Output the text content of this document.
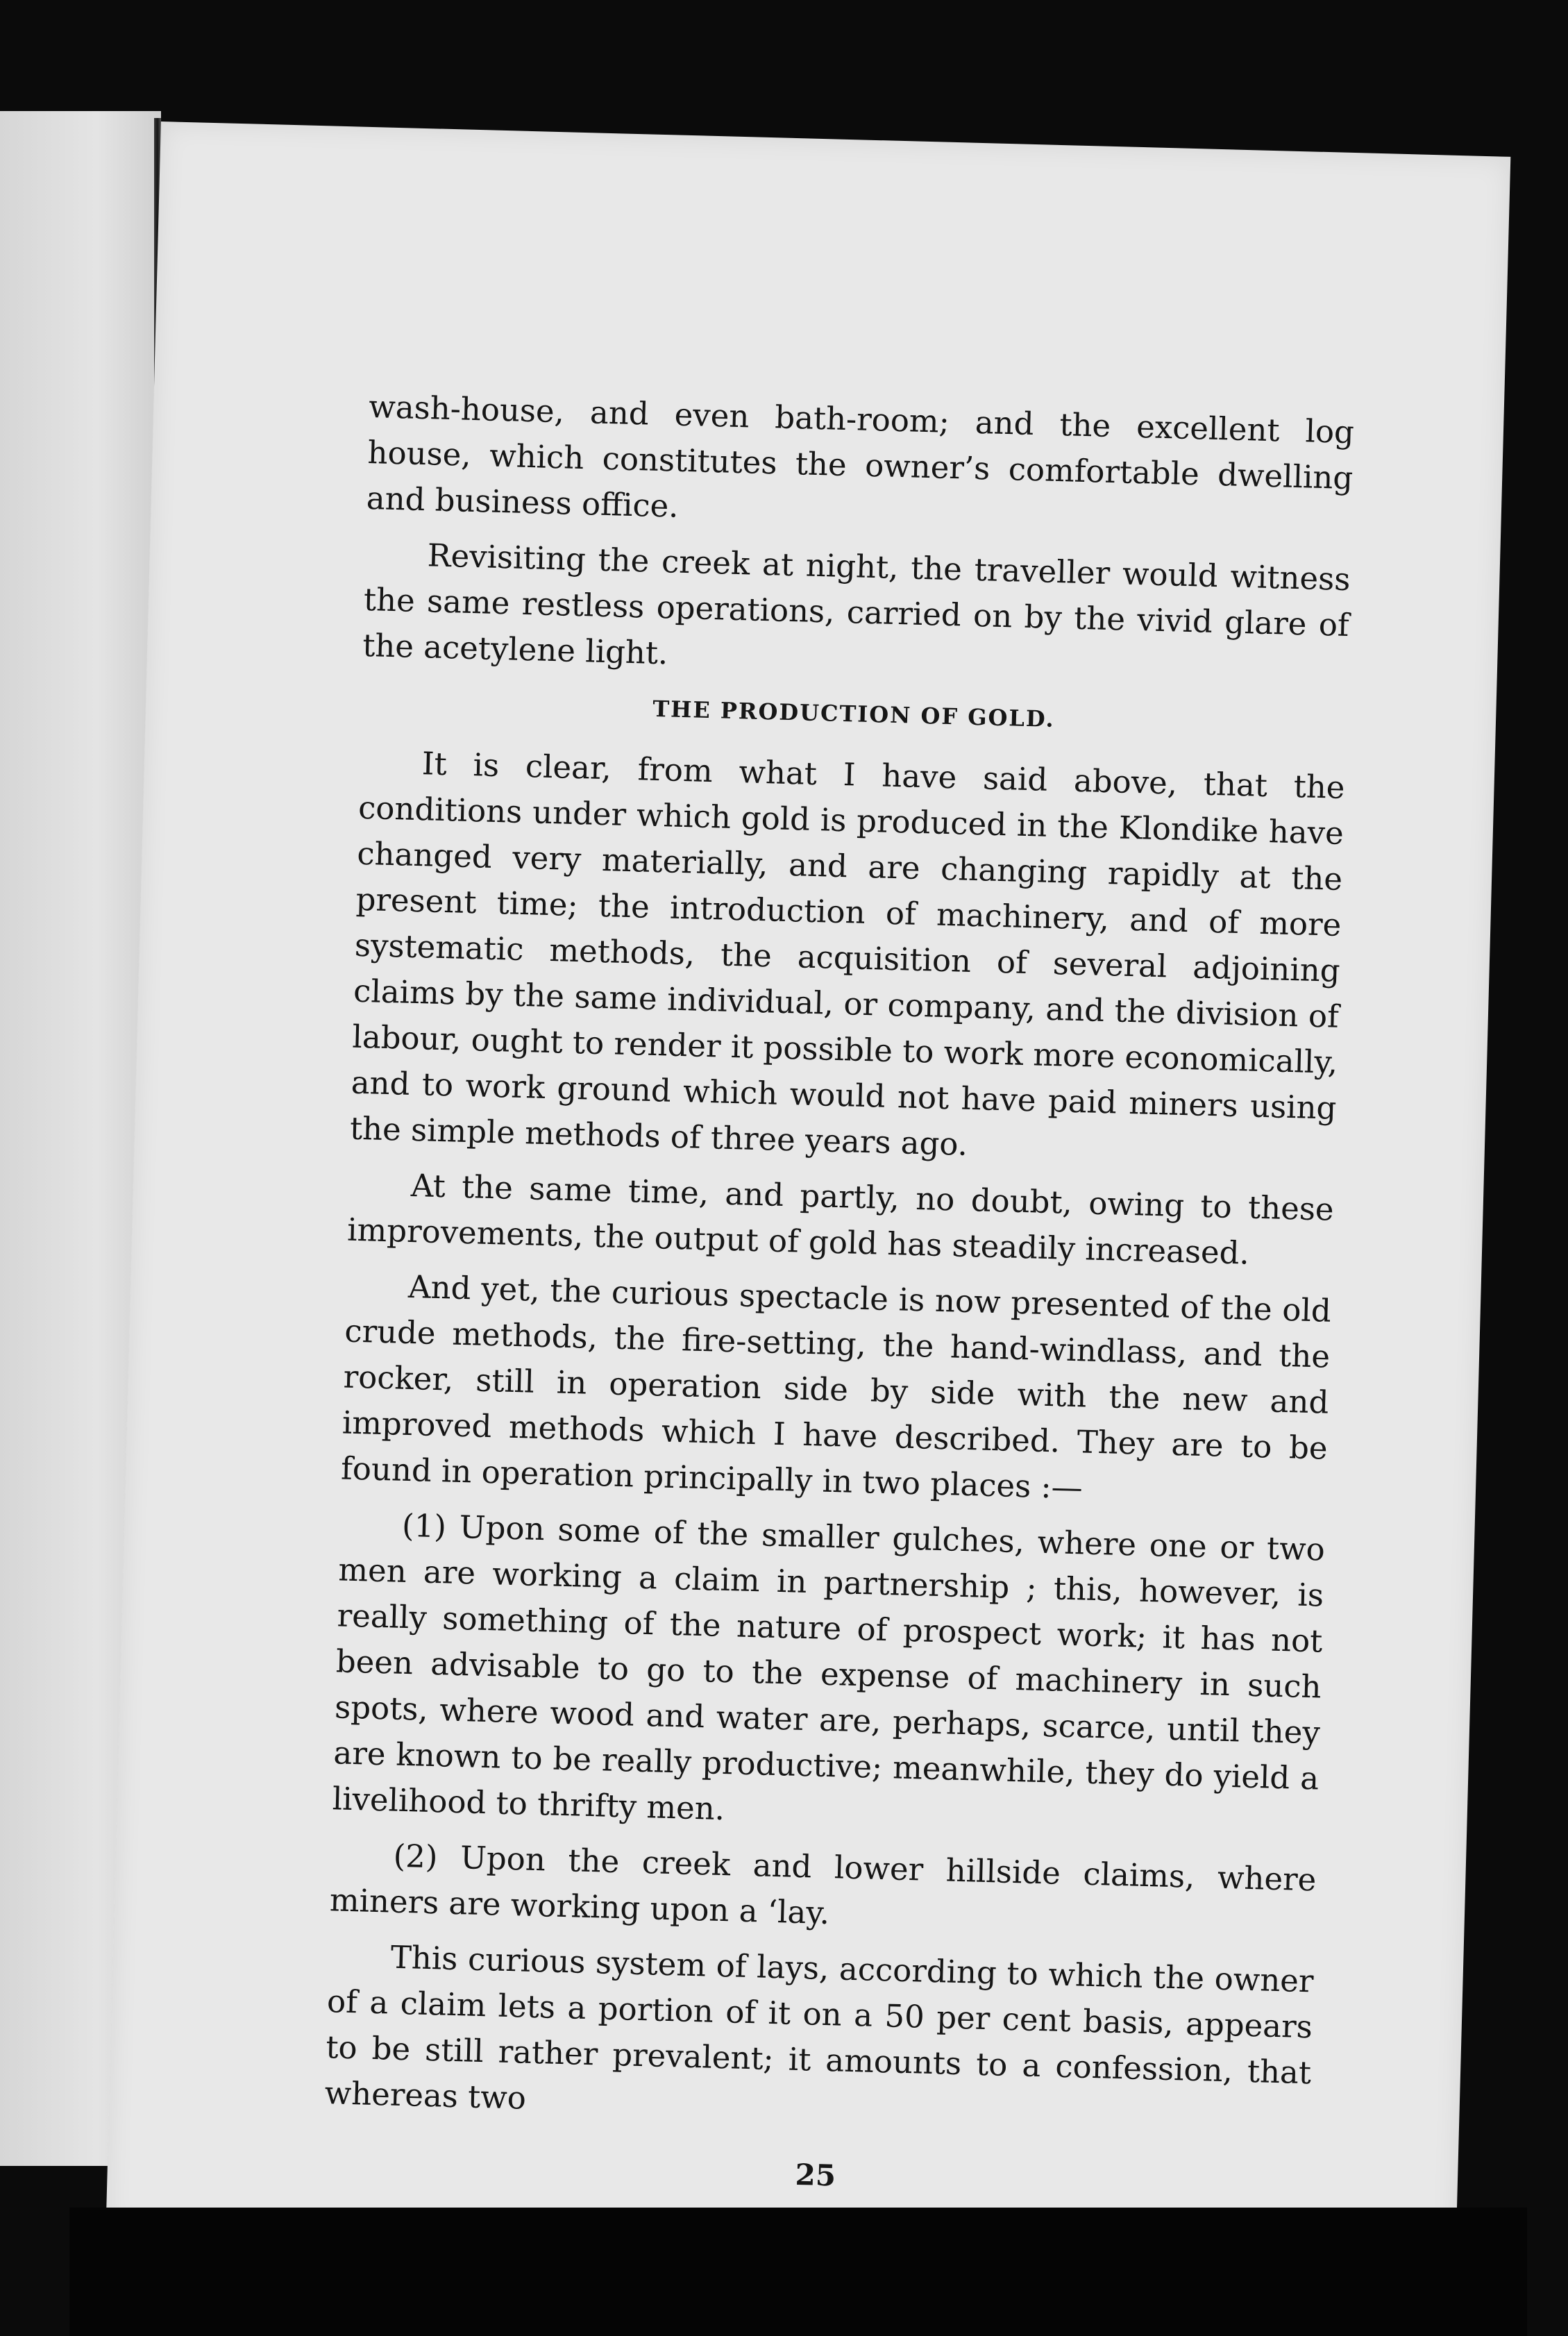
wash-house, and even bath-room; and the excellent log house, which constitutes the owner’s comfortable dwelling and business office.

Revisiting the creek at night, the traveller would witness the same restless operations, carried on by the vivid glare of the acetylene light.

THE PRODUCTION OF GOLD.

It is clear, from what I have said above, that the conditions under which gold is produced in the Klondike have changed very materially, and are changing rapidly at the present time; the introduction of machinery, and of more systematic methods, the acquisition of several adjoining claims by the same individual, or company, and the division of labour, ought to render it possible to work more economically, and to work ground which would not have paid miners using the simple methods of three years ago.

At the same time, and partly, no doubt, owing to these improvements, the output of gold has steadily increased.

And yet, the curious spectacle is now presented of the old crude methods, the fire-setting, the hand-windlass, and the rocker, still in operation side by side with the new and improved methods which I have described. They are to be found in operation principally in two places :—

(1) Upon some of the smaller gulches, where one or two men are working a claim in partnership ; this, however, is really something of the nature of prospect work; it has not been advisable to go to the expense of machinery in such spots, where wood and water are, perhaps, scarce, until they are known to be really productive; meanwhile, they do yield a livelihood to thrifty men.

(2) Upon the creek and lower hillside claims, where miners are working upon a ‘lay.

This curious system of lays, according to which the owner of a claim lets a portion of it on a 50 per cent basis, appears to be still rather prevalent; it amounts to a confession, that whereas two

25
